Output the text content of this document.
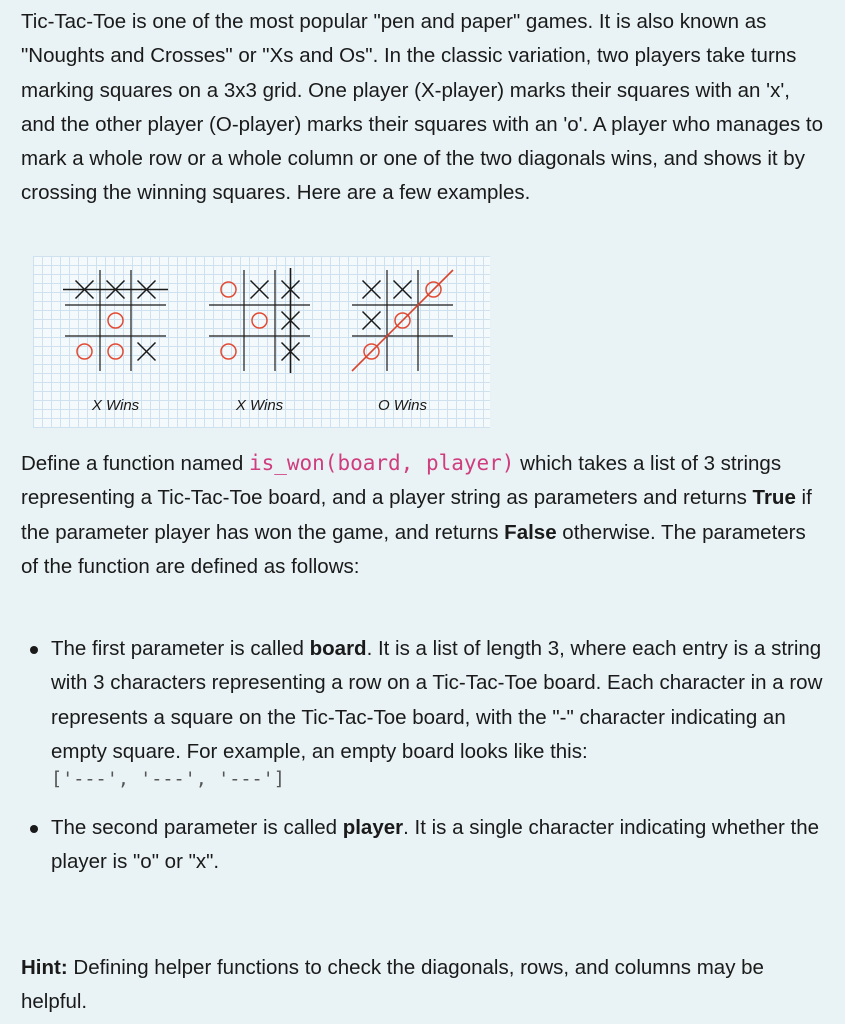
Tic-Tac-Toe is one of the most popular "pen and paper" games. It is also known as "Noughts and Crosses" or "Xs and Os". In the classic variation, two players take turns marking squares on a 3x3 grid. One player (X-player) marks their squares with an 'x', and the other player (O-player) marks their squares with an 'o'. A player who manages to mark a whole row or a whole column or one of the two diagonals wins, and shows it by crossing the winning squares. Here are a few examples.

X Wins	X Wins	O Wins

Define a function named is_won(board, player) which takes a list of 3 strings representing a Tic-Tac-Toe board, and a player string as parameters and returns True if the parameter player has won the game, and returns False otherwise. The parameters of the function are defined as follows:

The first parameter is called board. It is a list of length 3, where each entry is a string with 3 characters representing a row on a Tic-Tac-Toe board. Each character in a row represents a square on the Tic-Tac-Toe board, with the "-" character indicating an empty square. For example, an empty board looks like this:
['---', '---', '---']
The second parameter is called player. It is a single character indicating whether the player is "o" or "x".

Hint: Defining helper functions to check the diagonals, rows, and columns may be helpful.
